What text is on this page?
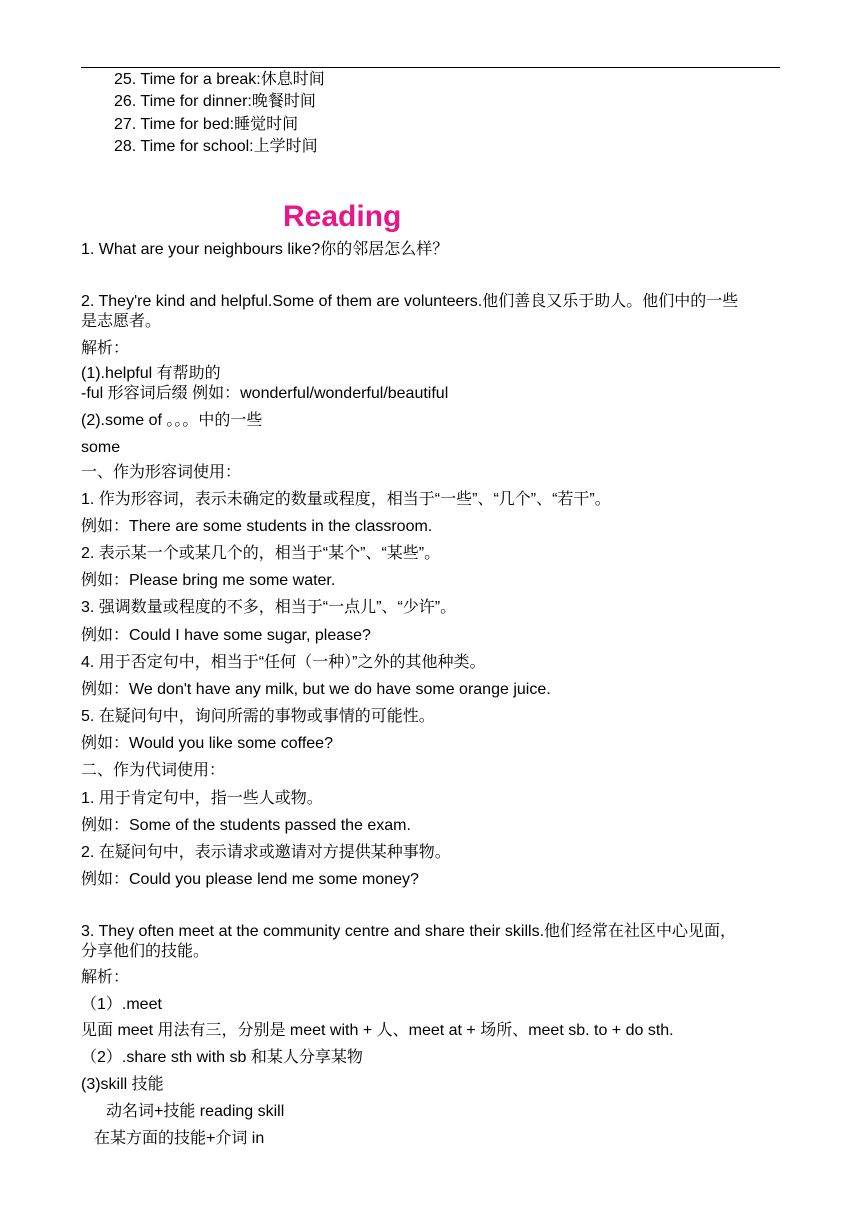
25. Time for a break:休息时间
26. Time for dinner:晚餐时间
27. Time for bed:睡觉时间
28. Time for school:上学时间
Reading
1. What are your neighbours like?你的邻居怎么样？
2. They're kind and helpful.Some of them are volunteers.他们善良又乐于助人。他们中的一些
是志愿者。
解析：
(1).helpful 有帮助的
-ful 形容词后缀 例如：wonderful/wonderful/beautiful
(2).some of 。。。中的一些
some
一、作为形容词使用：
1. 作为形容词，表示未确定的数量或程度，相当于“一些”、“几个”、“若干”。
例如：There are some students in the classroom.
2. 表示某一个或某几个的，相当于“某个”、“某些”。
例如：Please bring me some water.
3. 强调数量或程度的不多，相当于“一点儿”、“少许”。
例如：Could I have some sugar, please?
4. 用于否定句中，相当于“任何（一种）”之外的其他种类。
例如：We don't have any milk, but we do have some orange juice.
5. 在疑问句中，询问所需的事物或事情的可能性。
例如：Would you like some coffee?
二、作为代词使用：
1. 用于肯定句中，指一些人或物。
例如：Some of the students passed the exam.
2. 在疑问句中，表示请求或邀请对方提供某种事物。
例如：Could you please lend me some money?
3. They often meet at the community centre and share their skills.他们经常在社区中心见面，
分享他们的技能。
解析：
（1）.meet
见面 meet 用法有三，分别是 meet with + 人、meet at + 场所、meet sb. to + do sth.
（2）.share sth with sb 和某人分享某物
(3)skill 技能
动名词+技能 reading skill
在某方面的技能+介词 in
